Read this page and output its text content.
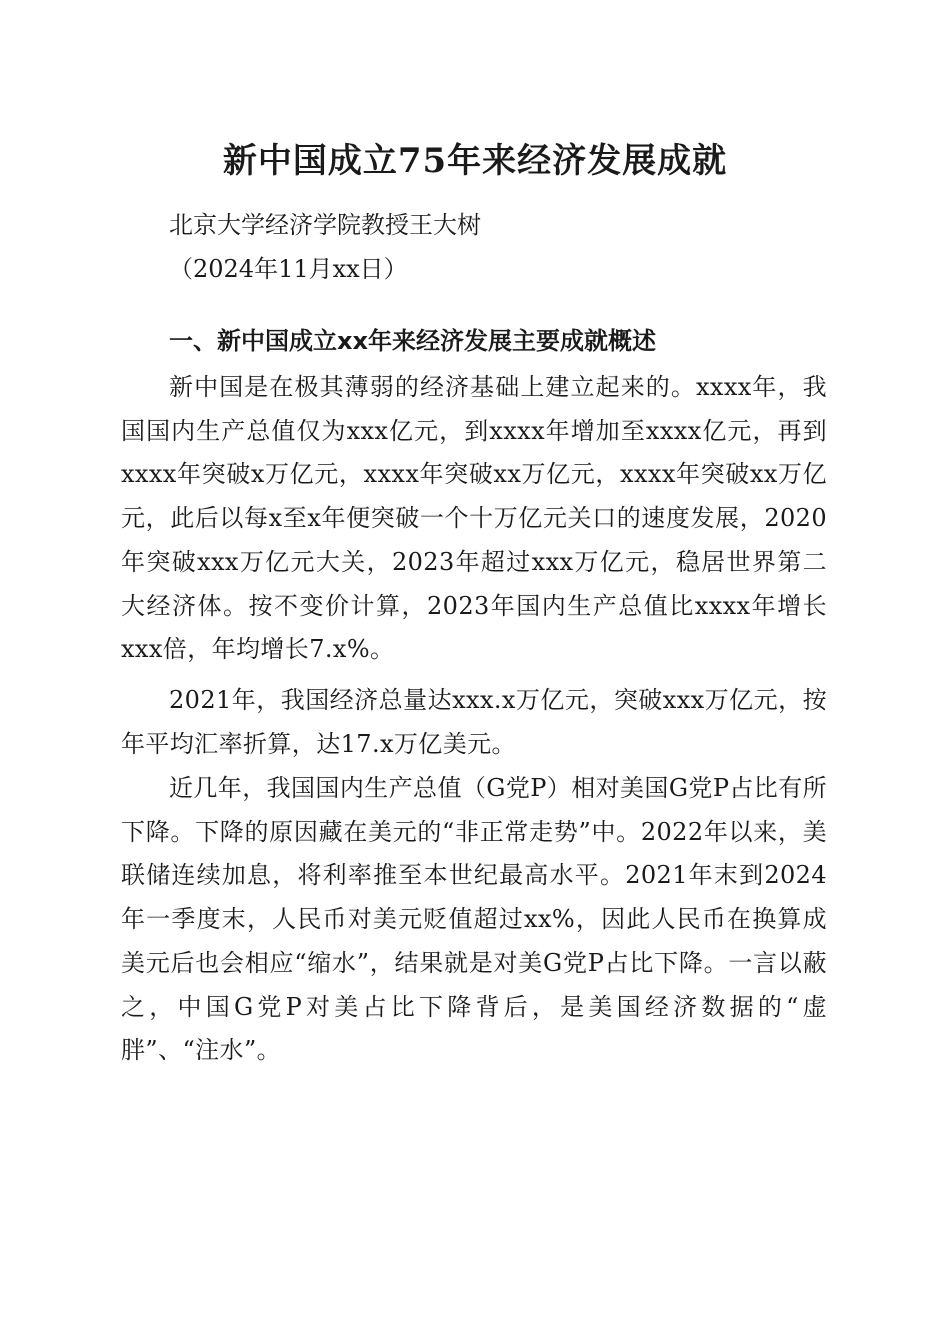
新中国成立75年来经济发展成就
北京大学经济学院教授王大树
（2024年11月xx日）
一、新中国成立xx年来经济发展主要成就概述

新中国是在极其薄弱的经济基础上建立起来的。xxxx年，我国国内生产总值仅为xxx亿元，到xxxx年增加至xxxx亿元，再到xxxx年突破x万亿元，xxxx年突破xx万亿元，xxxx年突破xx万亿元，此后以每x至x年便突破一个十万亿元关口的速度发展，2020年突破xxx万亿元大关，2023年超过xxx万亿元，稳居世界第二大经济体。按不变价计算，2023年国内生产总值比xxxx年增长xxx倍，年均增长7.x%。

2021年，我国经济总量达xxx.x万亿元，突破xxx万亿元，按年平均汇率折算，达17.x万亿美元。

近几年，我国国内生产总值（G党P）相对美国G党P占比有所下降。下降的原因藏在美元的“非正常走势”中。2022年以来，美联储连续加息，将利率推至本世纪最高水平。2021年末到2024年一季度末，人民币对美元贬值超过xx%，因此人民币在换算成美元后也会相应“缩水”，结果就是对美G党P占比下降。一言以蔽之，中国G党P对美占比下降背后，是美国经济数据的“虚胖”、“注水”。
